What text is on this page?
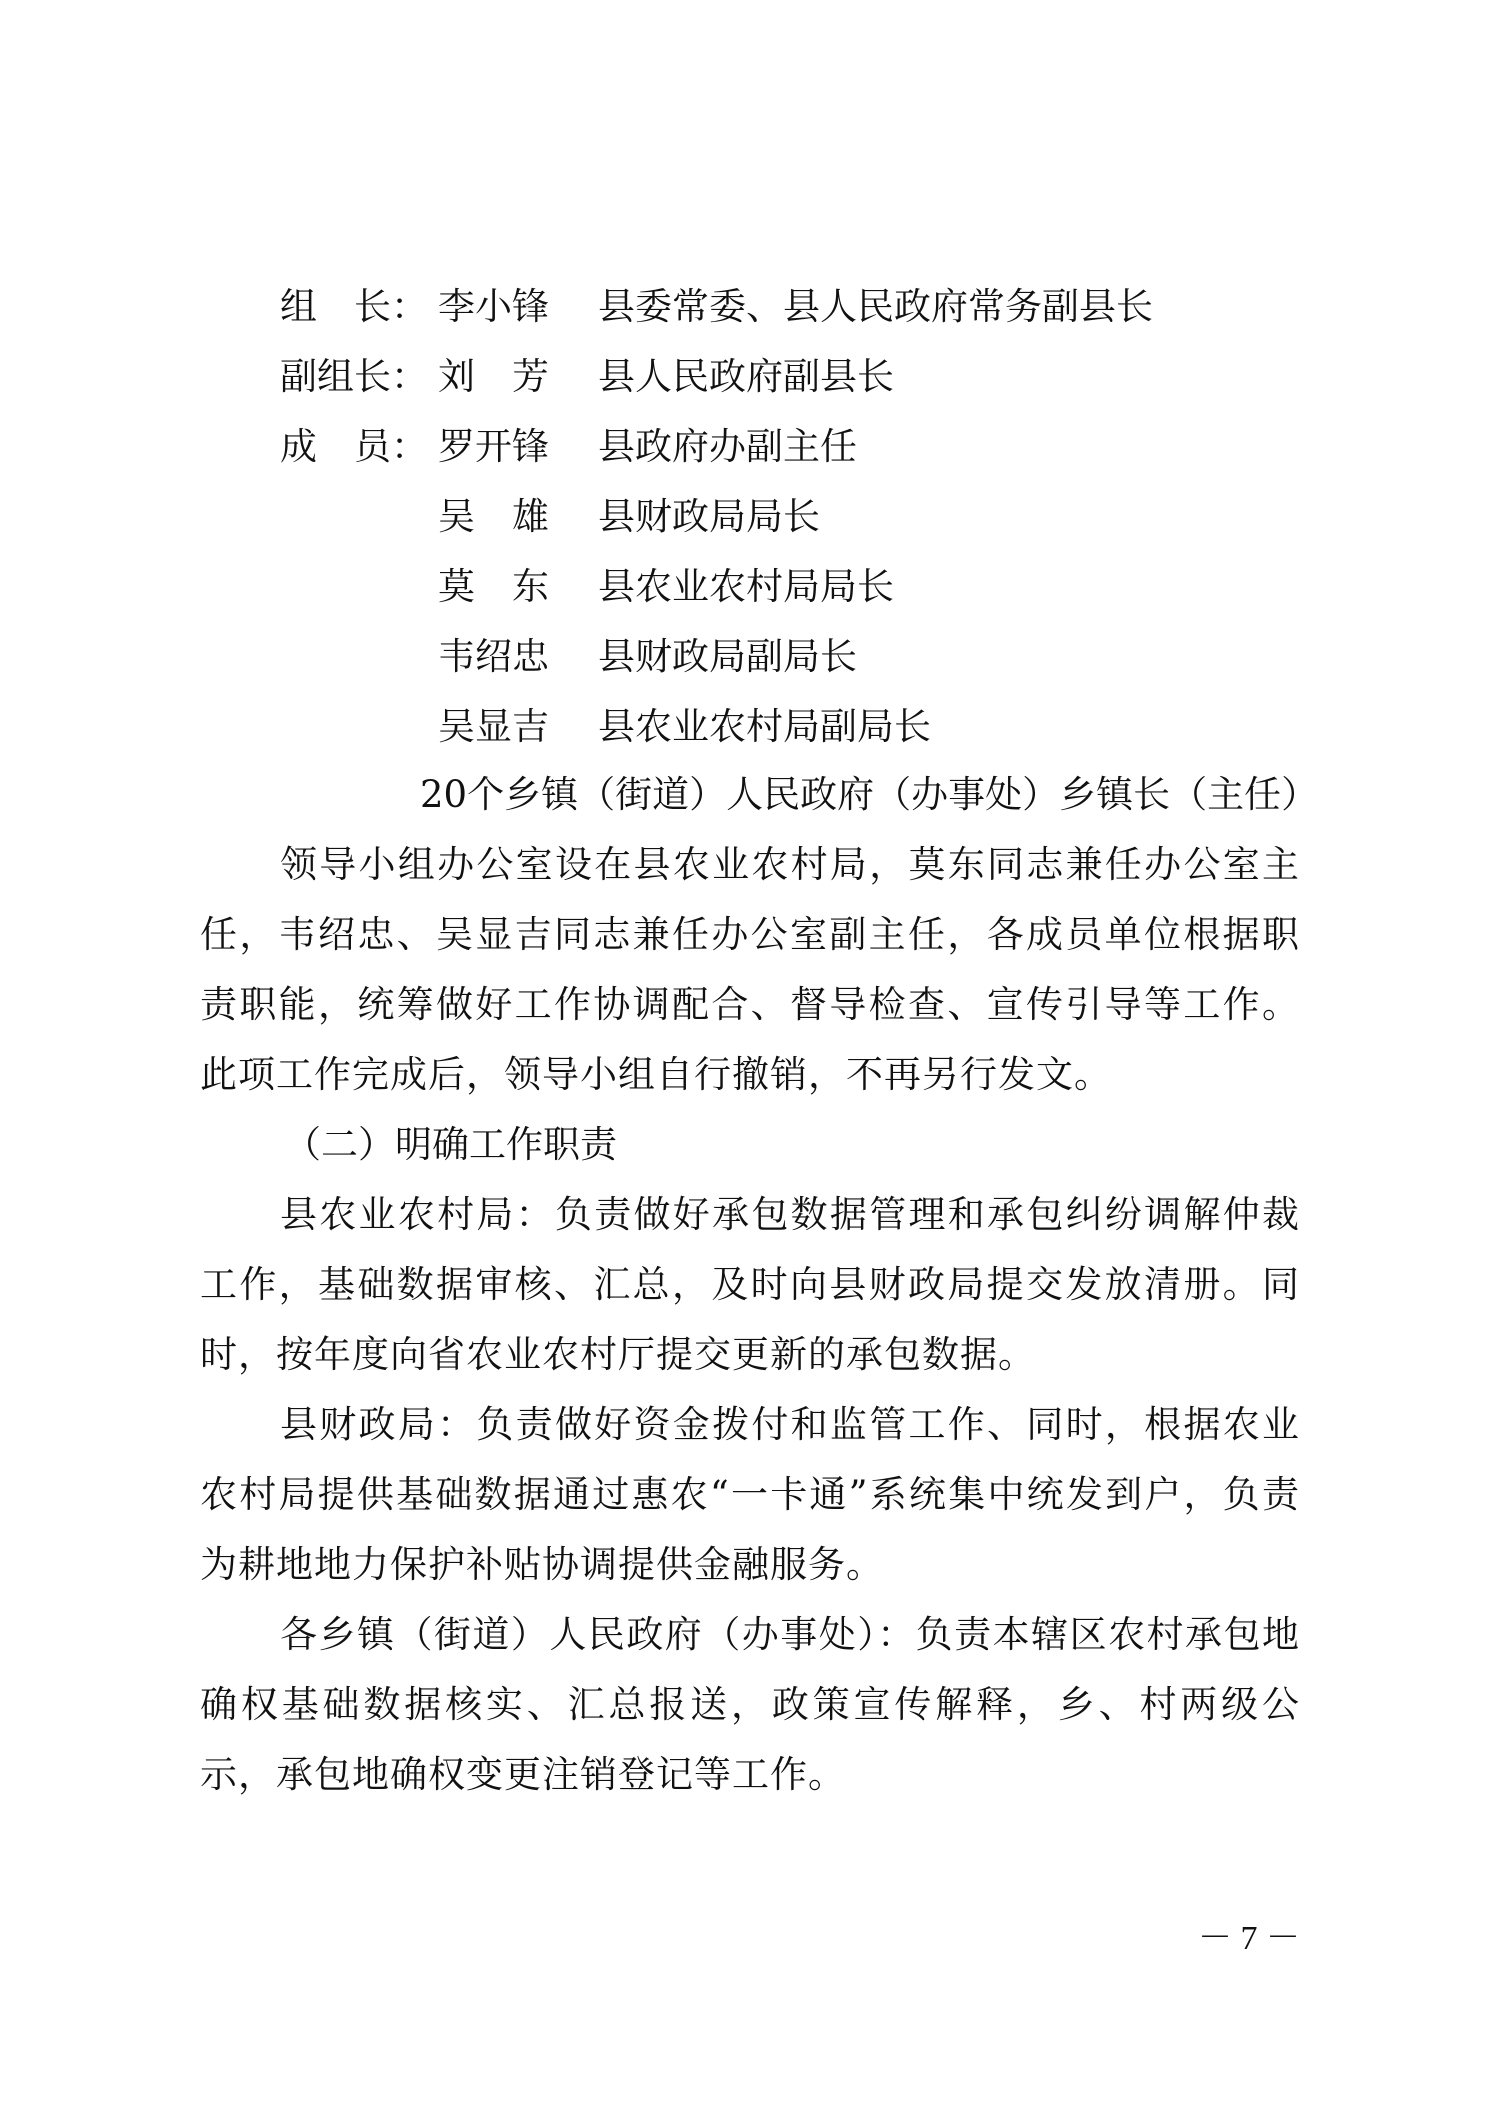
组　长： 李小锋	县委常委、县人民政府常务副县长
副组长： 刘　芳	县人民政府副县长
成　员： 罗开锋	县政府办副主任
吴　雄	县财政局局长
莫　东	县农业农村局局长
韦绍忠	县财政局副局长
吴显吉	县农业农村局副局长
20个乡镇（街道）人民政府（办事处）乡镇长（主任）

领导小组办公室设在县农业农村局，莫东同志兼任办公室主任，韦绍忠、吴显吉同志兼任办公室副主任，各成员单位根据职责职能，统筹做好工作协调配合、督导检查、宣传引导等工作。此项工作完成后，领导小组自行撤销，不再另行发文。

（二）明确工作职责

县农业农村局：负责做好承包数据管理和承包纠纷调解仲裁工作，基础数据审核、汇总，及时向县财政局提交发放清册。同时，按年度向省农业农村厅提交更新的承包数据。

县财政局：负责做好资金拨付和监管工作、同时，根据农业农村局提供基础数据通过惠农“一卡通”系统集中统发到户，负责为耕地地力保护补贴协调提供金融服务。

各乡镇（街道）人民政府（办事处）：负责本辖区农村承包地确权基础数据核实、汇总报送，政策宣传解释，乡、村两级公示，承包地确权变更注销登记等工作。

－ 7 －
